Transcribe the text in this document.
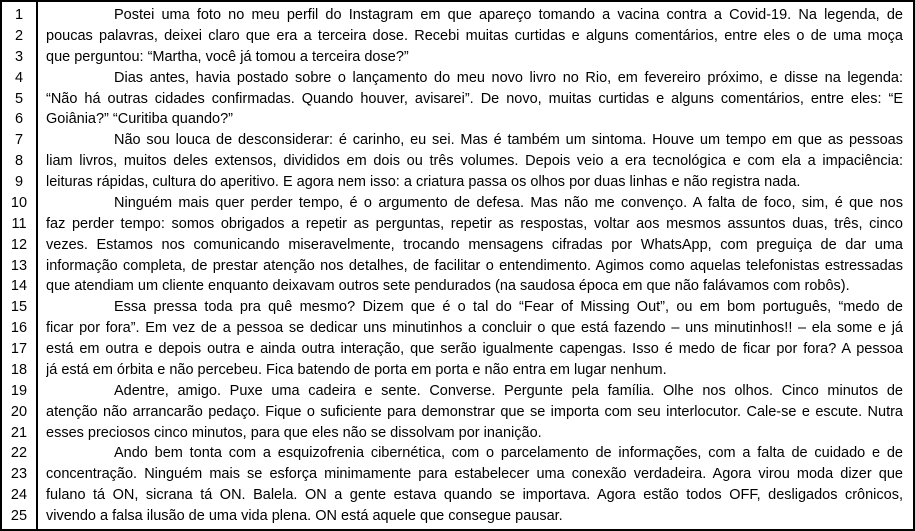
1
2
3
4
5
6
7
8
9
10
11
12
13
14
15
16
17
18
19
20
21
22
23
24
25
Postei uma foto no meu perfil do Instagram em que apareço tomando a vacina contra a Covid-19. Na legenda, de
poucas palavras, deixei claro que era a terceira dose. Recebi muitas curtidas e alguns comentários, entre eles o de uma moça
que perguntou: “Martha, você já tomou a terceira dose?”
Dias antes, havia postado sobre o lançamento do meu novo livro no Rio, em fevereiro próximo, e disse na legenda:
“Não há outras cidades confirmadas. Quando houver, avisarei”. De novo, muitas curtidas e alguns comentários, entre eles: “E
Goiânia?” “Curitiba quando?”
Não sou louca de desconsiderar: é carinho, eu sei. Mas é também um sintoma. Houve um tempo em que as pessoas
liam livros, muitos deles extensos, divididos em dois ou três volumes. Depois veio a era tecnológica e com ela a impaciência:
leituras rápidas, cultura do aperitivo. E agora nem isso: a criatura passa os olhos por duas linhas e não registra nada.
Ninguém mais quer perder tempo, é o argumento de defesa. Mas não me convenço. A falta de foco, sim, é que nos
faz perder tempo: somos obrigados a repetir as perguntas, repetir as respostas, voltar aos mesmos assuntos duas, três, cinco
vezes. Estamos nos comunicando miseravelmente, trocando mensagens cifradas por WhatsApp, com preguiça de dar uma
informação completa, de prestar atenção nos detalhes, de facilitar o entendimento. Agimos como aquelas telefonistas estressadas
que atendiam um cliente enquanto deixavam outros sete pendurados (na saudosa época em que não falávamos com robôs).
Essa pressa toda pra quê mesmo? Dizem que é o tal do “Fear of Missing Out”, ou em bom português, “medo de
ficar por fora”. Em vez de a pessoa se dedicar uns minutinhos a concluir o que está fazendo – uns minutinhos!! – ela some e já
está em outra e depois outra e ainda outra interação, que serão igualmente capengas. Isso é medo de ficar por fora? A pessoa
já está em órbita e não percebeu. Fica batendo de porta em porta e não entra em lugar nenhum.
Adentre, amigo. Puxe uma cadeira e sente. Converse. Pergunte pela família. Olhe nos olhos. Cinco minutos de
atenção não arrancarão pedaço. Fique o suficiente para demonstrar que se importa com seu interlocutor. Cale-se e escute. Nutra
esses preciosos cinco minutos, para que eles não se dissolvam por inanição.
Ando bem tonta com a esquizofrenia cibernética, com o parcelamento de informações, com a falta de cuidado e de
concentração. Ninguém mais se esforça minimamente para estabelecer uma conexão verdadeira. Agora virou moda dizer que
fulano tá ON, sicrana tá ON. Balela. ON a gente estava quando se importava. Agora estão todos OFF, desligados crônicos,
vivendo a falsa ilusão de uma vida plena. ON está aquele que consegue pausar.
